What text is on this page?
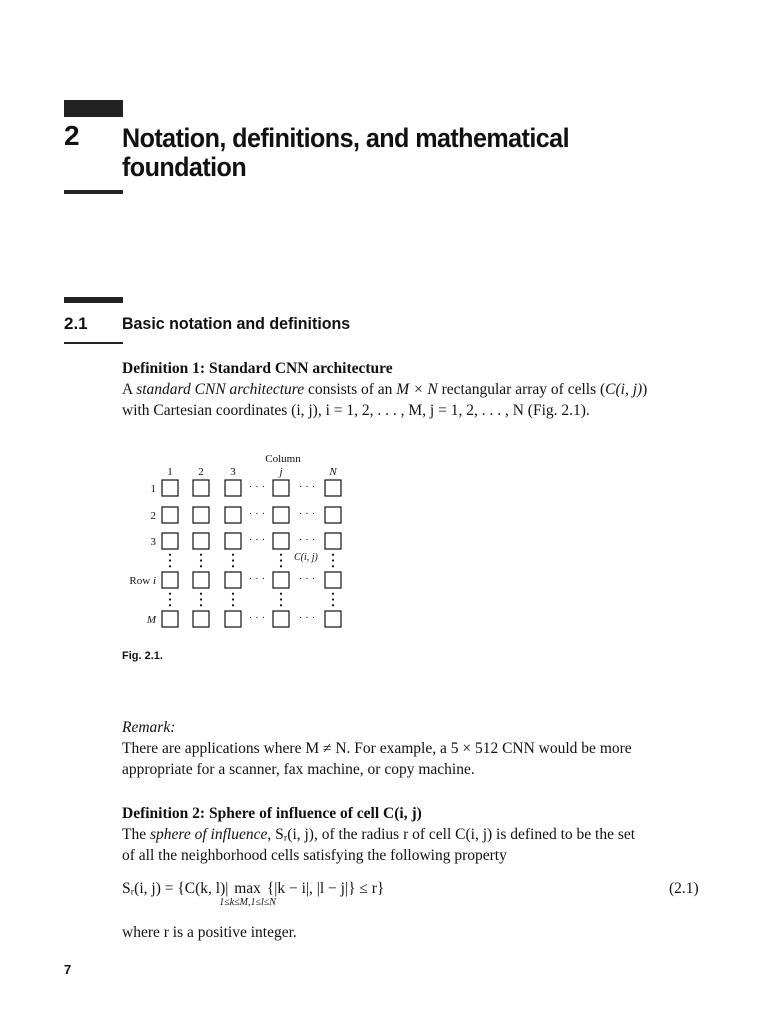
2 Notation, definitions, and mathematical
foundation
2.1 Basic notation and definitions
Definition 1: Standard CNN architecture
A standard CNN architecture consists of an M × N rectangular array of cells (C(i, j))
with Cartesian coordinates (i, j), i = 1, 2, . . . , M, j = 1, 2, . . . , N (Fig. 2.1).
Column
1 2 3	j	N
1
2
3
Row i
M
· · ·	· · ·
· · ·	· · ·
· · ·	· · ·
· · ·	· · ·
· · ·	· · ·
C(i, j)
Fig. 2.1.
Remark:
There are applications where M ≠ N. For example, a 5 × 512 CNN would be more
appropriate for a scanner, fax machine, or copy machine.
Definition 2: Sphere of influence of cell C(i, j)
The sphere of influence, Sᵣ(i, j), of the radius r of cell C(i, j) is defined to be the set
of all the neighborhood cells satisfying the following property
Sᵣ(i, j) = {C(k, l)| max
1≤k≤M,1≤l≤N
{|k − i|, |l − j|} ≤ r}	(2.1)
where r is a positive integer.
7
